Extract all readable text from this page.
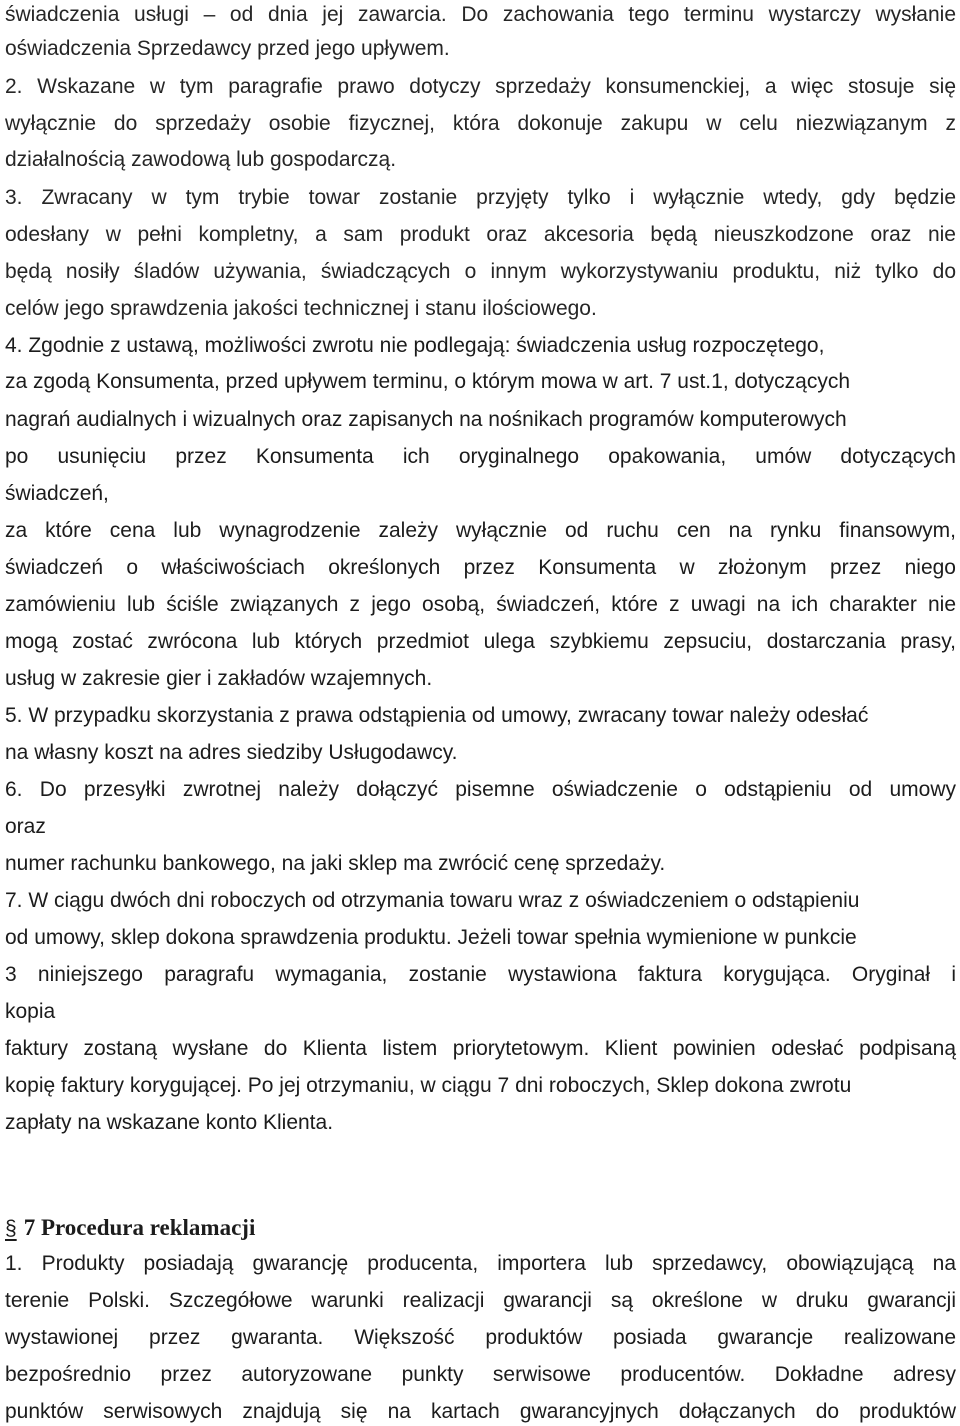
świadczenia usługi – od dnia jej zawarcia. Do zachowania tego terminu wystarczy wysłanie
oświadczenia Sprzedawcy przed jego upływem.
2. Wskazane w tym paragrafie prawo dotyczy sprzedaży konsumenckiej, a więc stosuje się
wyłącznie do sprzedaży osobie fizycznej, która dokonuje zakupu w celu niezwiązanym z
działalnością zawodową lub gospodarczą.
3. Zwracany w tym trybie towar zostanie przyjęty tylko i wyłącznie wtedy, gdy będzie
odesłany w pełni kompletny, a sam produkt oraz akcesoria będą nieuszkodzone oraz nie
będą nosiły śladów używania, świadczących o innym wykorzystywaniu produktu, niż tylko do
celów jego sprawdzenia jakości technicznej i stanu ilościowego.
4. Zgodnie z ustawą, możliwości zwrotu nie podlegają: świadczenia usług rozpoczętego,
za zgodą Konsumenta, przed upływem terminu, o którym mowa w art. 7 ust.1, dotyczących
nagrań audialnych i wizualnych oraz zapisanych na nośnikach programów komputerowych
po usunięciu przez Konsumenta ich oryginalnego opakowania, umów dotyczących
świadczeń,
za które cena lub wynagrodzenie zależy wyłącznie od ruchu cen na rynku finansowym,
świadczeń o właściwościach określonych przez Konsumenta w złożonym przez niego
zamówieniu lub ściśle związanych z jego osobą, świadczeń, które z uwagi na ich charakter nie
mogą zostać zwrócona lub których przedmiot ulega szybkiemu zepsuciu, dostarczania prasy,
usług w zakresie gier i zakładów wzajemnych.
5. W przypadku skorzystania z prawa odstąpienia od umowy, zwracany towar należy odesłać
na własny koszt na adres siedziby Usługodawcy.
6. Do przesyłki zwrotnej należy dołączyć pisemne oświadczenie o odstąpieniu od umowy
oraz
numer rachunku bankowego, na jaki sklep ma zwrócić cenę sprzedaży.
7. W ciągu dwóch dni roboczych od otrzymania towaru wraz z oświadczeniem o odstąpieniu
od umowy, sklep dokona sprawdzenia produktu. Jeżeli towar spełnia wymienione w punkcie
3 niniejszego paragrafu wymagania, zostanie wystawiona faktura korygująca. Oryginał i
kopia
faktury zostaną wysłane do Klienta listem priorytetowym. Klient powinien odesłać podpisaną
kopię faktury korygującej. Po jej otrzymaniu, w ciągu 7 dni roboczych, Sklep dokona zwrotu
zapłaty na wskazane konto Klienta.
§ 7 Procedura reklamacji
1. Produkty posiadają gwarancję producenta, importera lub sprzedawcy, obowiązującą na
terenie Polski. Szczegółowe warunki realizacji gwarancji są określone w druku gwarancji
wystawionej przez gwaranta. Większość produktów posiada gwarancje realizowane
bezpośrednio przez autoryzowane punkty serwisowe producentów. Dokładne adresy
punktów serwisowych znajdują się na kartach gwarancyjnych dołączanych do produktów
